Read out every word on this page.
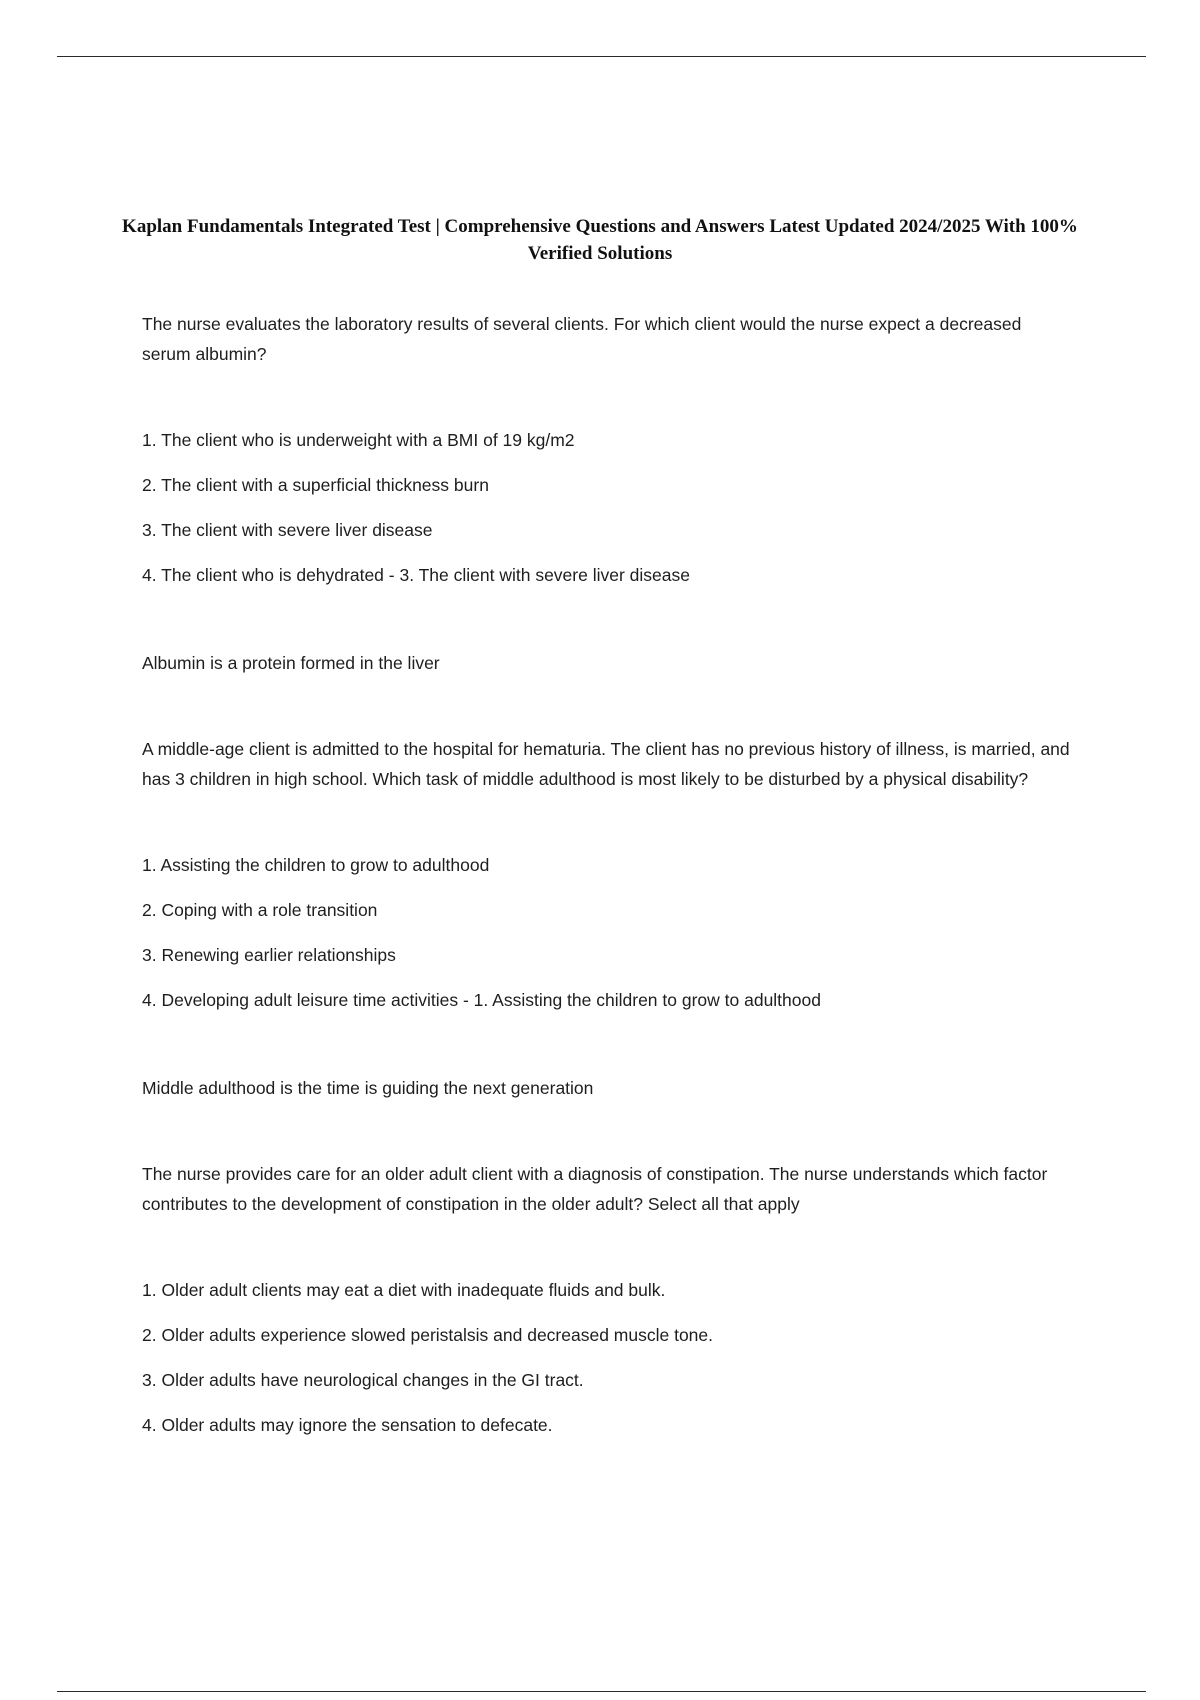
Kaplan Fundamentals Integrated Test | Comprehensive Questions and Answers Latest Updated 2024/2025 With 100% Verified Solutions

The nurse evaluates the laboratory results of several clients. For which client would the nurse expect a decreased serum albumin?

1. The client who is underweight with a BMI of 19 kg/m2

2. The client with a superficial thickness burn

3. The client with severe liver disease

4. The client who is dehydrated - 3. The client with severe liver disease

Albumin is a protein formed in the liver

A middle-age client is admitted to the hospital for hematuria. The client has no previous history of illness, is married, and has 3 children in high school. Which task of middle adulthood is most likely to be disturbed by a physical disability?

1. Assisting the children to grow to adulthood

2. Coping with a role transition

3. Renewing earlier relationships

4. Developing adult leisure time activities - 1. Assisting the children to grow to adulthood

Middle adulthood is the time is guiding the next generation

The nurse provides care for an older adult client with a diagnosis of constipation. The nurse understands which factor contributes to the development of constipation in the older adult? Select all that apply

1. Older adult clients may eat a diet with inadequate fluids and bulk.

2. Older adults experience slowed peristalsis and decreased muscle tone.

3. Older adults have neurological changes in the GI tract.

4. Older adults may ignore the sensation to defecate.
